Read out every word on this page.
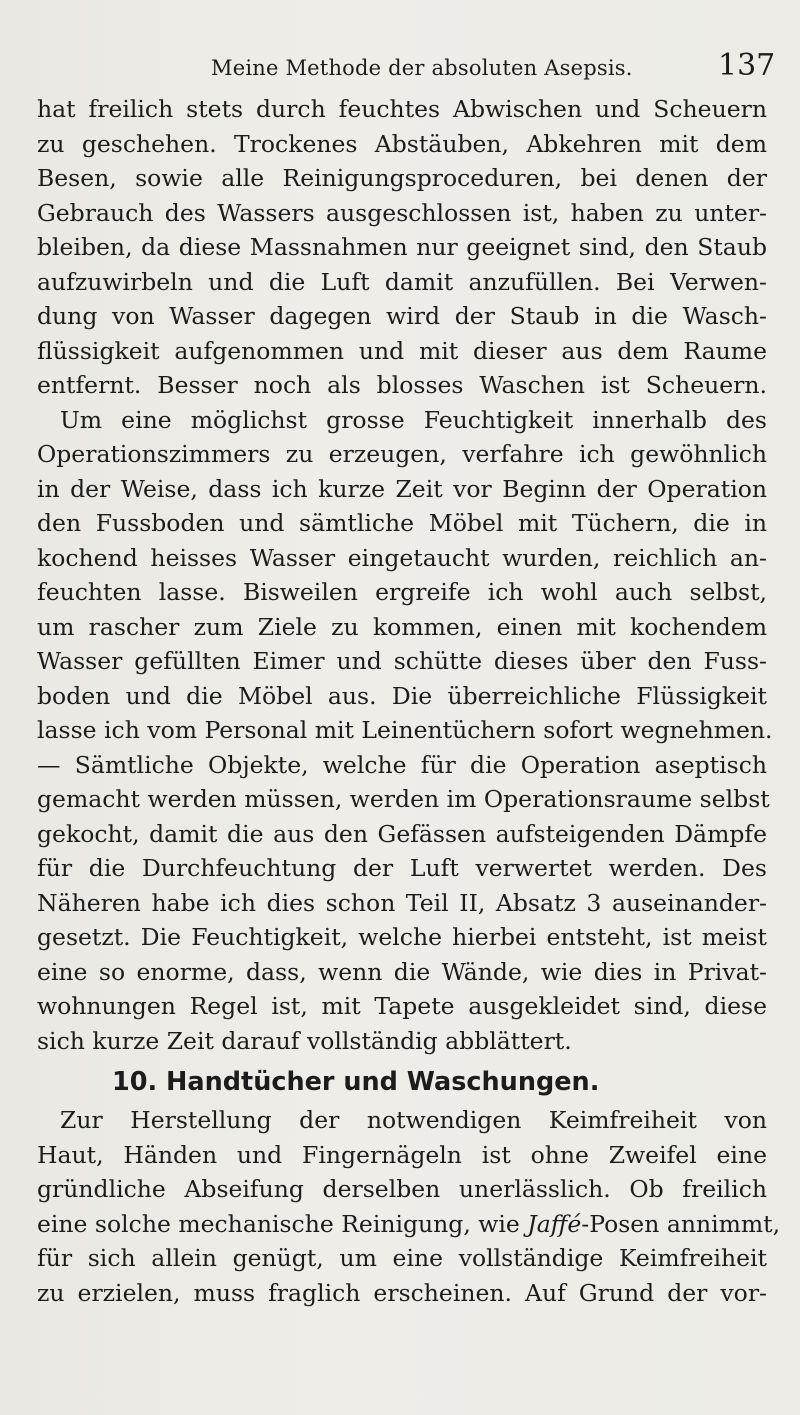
Meine Methode der absoluten Asepsis.	137
hat freilich stets durch feuchtes Abwischen und Scheuern
zu geschehen. Trockenes Abstäuben, Abkehren mit dem
Besen, sowie alle Reinigungsproceduren, bei denen der
Gebrauch des Wassers ausgeschlossen ist, haben zu unter-
bleiben, da diese Massnahmen nur geeignet sind, den Staub
aufzuwirbeln und die Luft damit anzufüllen. Bei Verwen-
dung von Wasser dagegen wird der Staub in die Wasch-
flüssigkeit aufgenommen und mit dieser aus dem Raume
entfernt. Besser noch als blosses Waschen ist Scheuern.
Um eine möglichst grosse Feuchtigkeit innerhalb des
Operationszimmers zu erzeugen, verfahre ich gewöhnlich
in der Weise, dass ich kurze Zeit vor Beginn der Operation
den Fussboden und sämtliche Möbel mit Tüchern, die in
kochend heisses Wasser eingetaucht wurden, reichlich an-
feuchten lasse. Bisweilen ergreife ich wohl auch selbst,
um rascher zum Ziele zu kommen, einen mit kochendem
Wasser gefüllten Eimer und schütte dieses über den Fuss-
boden und die Möbel aus. Die überreichliche Flüssigkeit
lasse ich vom Personal mit Leinentüchern sofort wegnehmen.
— Sämtliche Objekte, welche für die Operation aseptisch
gemacht werden müssen, werden im Operationsraume selbst
gekocht, damit die aus den Gefässen aufsteigenden Dämpfe
für die Durchfeuchtung der Luft verwertet werden. Des
Näheren habe ich dies schon Teil II, Absatz 3 auseinander-
gesetzt. Die Feuchtigkeit, welche hierbei entsteht, ist meist
eine so enorme, dass, wenn die Wände, wie dies in Privat-
wohnungen Regel ist, mit Tapete ausgekleidet sind, diese
sich kurze Zeit darauf vollständig abblättert.
10. Handtücher und Waschungen.
Zur Herstellung der notwendigen Keimfreiheit von
Haut, Händen und Fingernägeln ist ohne Zweifel eine
gründliche Abseifung derselben unerlässlich. Ob freilich
eine solche mechanische Reinigung, wie Jaffé-Posen annimmt,
für sich allein genügt, um eine vollständige Keimfreiheit
zu erzielen, muss fraglich erscheinen. Auf Grund der vor-
